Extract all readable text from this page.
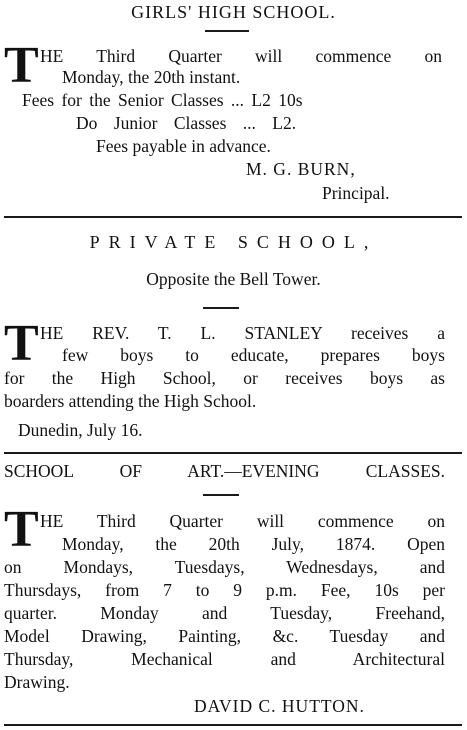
GIRLS' HIGH SCHOOL.
T HE Third Quarter will commence on
Monday, the 20th instant.
Fees for the Senior Classes ... L2 10s
Do Junior Classes ... L2.
Fees payable in advance.
M. G. BURN,
Principal.
PRIVATE SCHOOL,
Opposite the Bell Tower.
T HE REV. T. L. STANLEY receives a
few boys to educate, prepares boys
for the High School, or receives boys as
boarders attending the High School.
Dunedin, July 16.
SCHOOL OF ART.—EVENING CLASSES.
T HE Third Quarter will commence on
Monday, the 20th July, 1874. Open
on Mondays, Tuesdays, Wednesdays, and
Thursdays, from 7 to 9 p.m. Fee, 10s per
quarter. Monday and Tuesday, Freehand,
Model Drawing, Painting, &c. Tuesday and
Thursday, Mechanical and Architectural
Drawing.
DAVID C. HUTTON.
